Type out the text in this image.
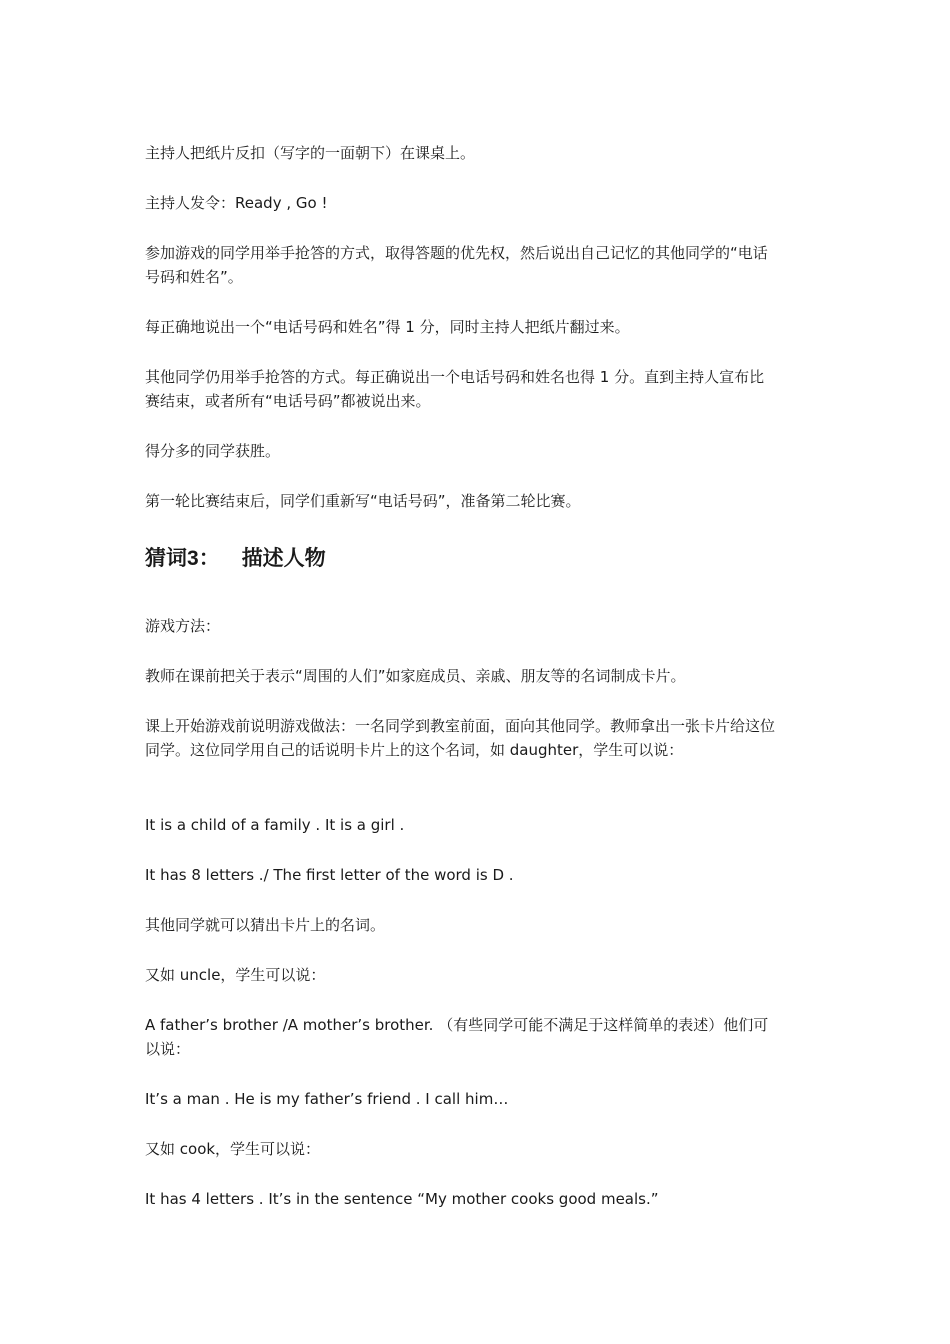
主持人把纸片反扣（写字的一面朝下）在课桌上。

主持人发令：Ready , Go !

参加游戏的同学用举手抢答的方式，取得答题的优先权，然后说出自己记忆的其他同学的“电话号码和姓名”。

每正确地说出一个“电话号码和姓名”得 1 分，同时主持人把纸片翻过来。

其他同学仍用举手抢答的方式。每正确说出一个电话号码和姓名也得 1 分。直到主持人宣布比赛结束，或者所有“电话号码”都被说出来。

得分多的同学获胜。

第一轮比赛结束后，同学们重新写“电话号码”，准备第二轮比赛。

猜词3： 描述人物

游戏方法：

教师在课前把关于表示“周围的人们”如家庭成员、亲戚、朋友等的名词制成卡片。

课上开始游戏前说明游戏做法：一名同学到教室前面，面向其他同学。教师拿出一张卡片给这位同学。这位同学用自己的话说明卡片上的这个名词，如 daughter，学生可以说：

It is a child of a family . It is a girl .

It has 8 letters ./ The first letter of the word is D .

其他同学就可以猜出卡片上的名词。

又如 uncle，学生可以说：

A father’s brother /A mother’s brother. （有些同学可能不满足于这样简单的表述）他们可以说：

It’s a man . He is my father’s friend . I call him…

又如 cook，学生可以说：

It has 4 letters . It’s in the sentence “My mother cooks good meals.”
